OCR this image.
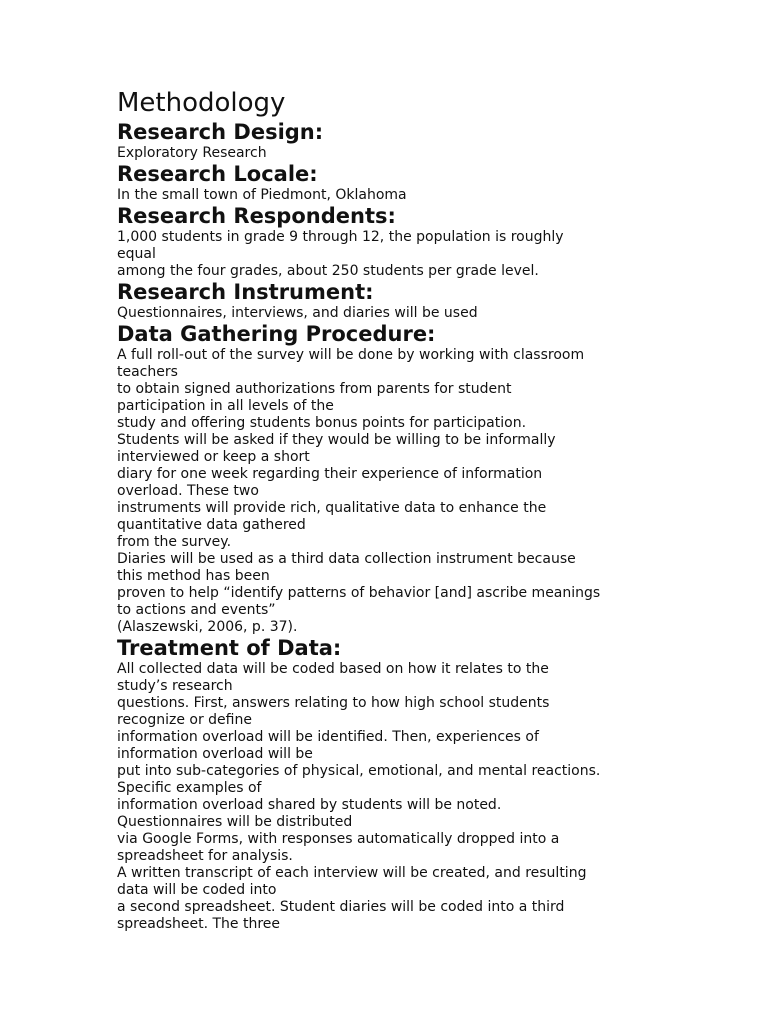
Methodology
Research Design:

Exploratory Research

Research Locale:

In the small town of Piedmont, Oklahoma

Research Respondents:

1,000 students in grade 9 through 12, the population is roughly

equal

among the four grades, about 250 students per grade level.

Research Instrument:

Questionnaires, interviews, and diaries will be used

Data Gathering Procedure:

A full roll-out of the survey will be done by working with classroom

teachers

to obtain signed authorizations from parents for student

participation in all levels of the

study and offering students bonus points for participation.

Students will be asked if they would be willing to be informally

interviewed or keep a short

diary for one week regarding their experience of information

overload. These two

instruments will provide rich, qualitative data to enhance the

quantitative data gathered

from the survey.

Diaries will be used as a third data collection instrument because

this method has been

proven to help “identify patterns of behavior [and] ascribe meanings

to actions and events”

(Alaszewski, 2006, p. 37).

Treatment of Data:

All collected data will be coded based on how it relates to the

study’s research

questions. First, answers relating to how high school students

recognize or define

information overload will be identified. Then, experiences of

information overload will be

put into sub-categories of physical, emotional, and mental reactions.

Specific examples of

information overload shared by students will be noted.

Questionnaires will be distributed

via Google Forms, with responses automatically dropped into a

spreadsheet for analysis.

A written transcript of each interview will be created, and resulting

data will be coded into

a second spreadsheet. Student diaries will be coded into a third

spreadsheet. The three
